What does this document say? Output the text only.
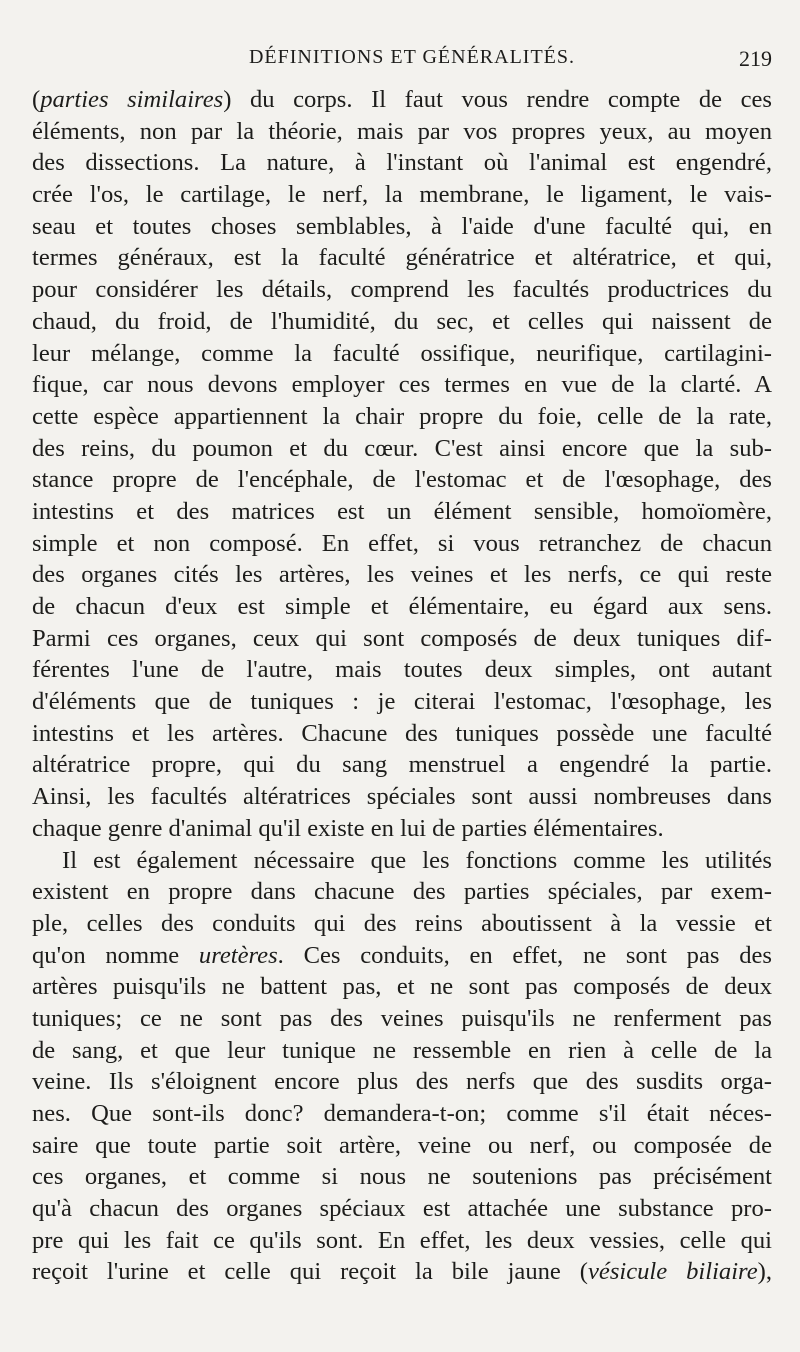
DÉFINITIONS ET GÉNÉRALITÉS.	219
(parties similaires) du corps. Il faut vous rendre compte de ces
éléments, non par la théorie, mais par vos propres yeux, au moyen
des dissections. La nature, à l'instant où l'animal est engendré,
crée l'os, le cartilage, le nerf, la membrane, le ligament, le vais-
seau et toutes choses semblables, à l'aide d'une faculté qui, en
termes généraux, est la faculté génératrice et altératrice, et qui,
pour considérer les détails, comprend les facultés productrices du
chaud, du froid, de l'humidité, du sec, et celles qui naissent de
leur mélange, comme la faculté ossifique, neurifique, cartilagini-
fique, car nous devons employer ces termes en vue de la clarté. A
cette espèce appartiennent la chair propre du foie, celle de la rate,
des reins, du poumon et du cœur. C'est ainsi encore que la sub-
stance propre de l'encéphale, de l'estomac et de l'œsophage, des
intestins et des matrices est un élément sensible, homoïomère,
simple et non composé. En effet, si vous retranchez de chacun
des organes cités les artères, les veines et les nerfs, ce qui reste
de chacun d'eux est simple et élémentaire, eu égard aux sens.
Parmi ces organes, ceux qui sont composés de deux tuniques dif-
férentes l'une de l'autre, mais toutes deux simples, ont autant
d'éléments que de tuniques : je citerai l'estomac, l'œsophage, les
intestins et les artères. Chacune des tuniques possède une faculté
altératrice propre, qui du sang menstruel a engendré la partie.
Ainsi, les facultés altératrices spéciales sont aussi nombreuses dans
chaque genre d'animal qu'il existe en lui de parties élémentaires.
Il est également nécessaire que les fonctions comme les utilités
existent en propre dans chacune des parties spéciales, par exem-
ple, celles des conduits qui des reins aboutissent à la vessie et
qu'on nomme uretères. Ces conduits, en effet, ne sont pas des
artères puisqu'ils ne battent pas, et ne sont pas composés de deux
tuniques; ce ne sont pas des veines puisqu'ils ne renferment pas
de sang, et que leur tunique ne ressemble en rien à celle de la
veine. Ils s'éloignent encore plus des nerfs que des susdits orga-
nes. Que sont-ils donc? demandera-t-on; comme s'il était néces-
saire que toute partie soit artère, veine ou nerf, ou composée de
ces organes, et comme si nous ne soutenions pas précisément
qu'à chacun des organes spéciaux est attachée une substance pro-
pre qui les fait ce qu'ils sont. En effet, les deux vessies, celle qui
reçoit l'urine et celle qui reçoit la bile jaune (vésicule biliaire),
